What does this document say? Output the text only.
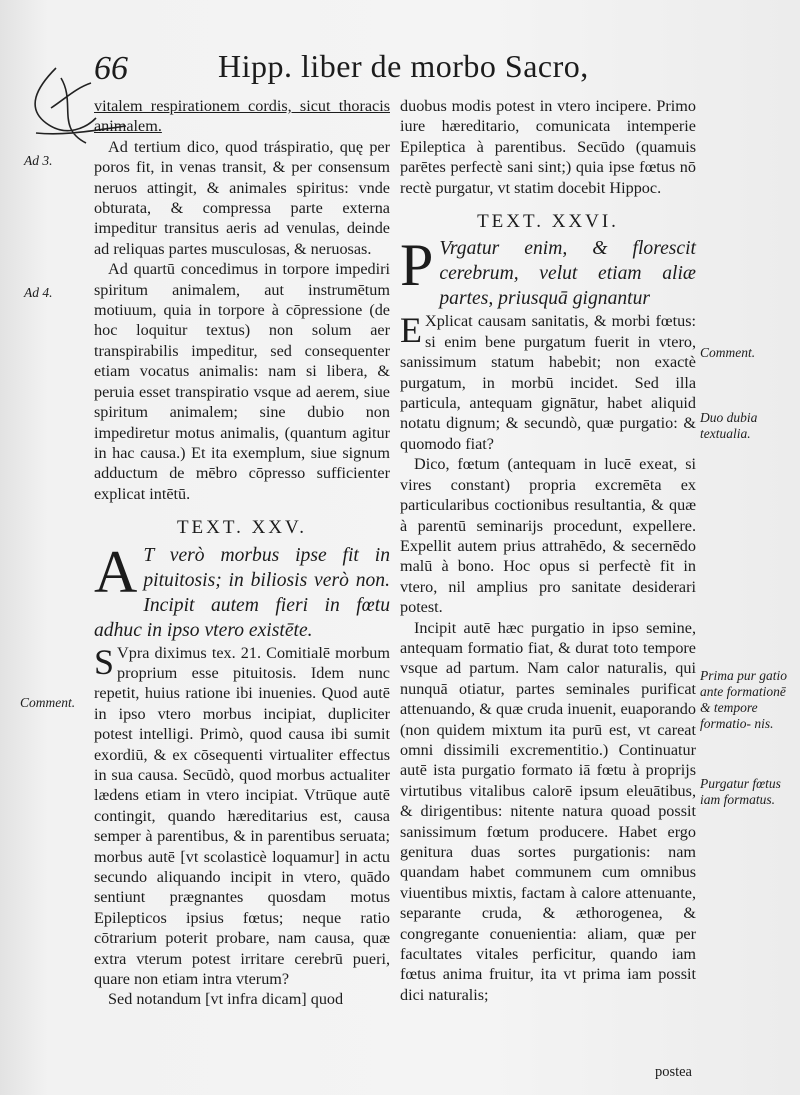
66	Hipp. liber de morbo Sacro,
Ad 3.
Ad 4.
Comment.
Comment.
Duo dubia textualia.
Prima pur gatio ante formationē & tempore formatio- nis.
Purgatur fœtus iam formatus.

vitalem respirationem cordis, sicut thoracis animalem.

Ad tertium dico, quod tráspiratio, quę per poros fit, in venas transit, & per consensum neruos attingit, & animales spiritus: vnde obturata, & compressa parte externa impeditur transitus aeris ad venulas, deinde ad reliquas partes musculosas, & neruosas.

Ad quartū concedimus in torpore impediri spiritum animalem, aut instrumētum motiuum, quia in torpore à cōpressione (de hoc loquitur textus) non solum aer transpirabilis impeditur, sed consequenter etiam vocatus animalis: nam si libera, & peruia esset transpiratio vsque ad aerem, siue spiritum animalem; sine dubio non impediretur motus animalis, (quantum agitur in hac causa.) Et ita exemplum, siue signum adductum de mēbro cōpresso sufficienter explicat intētū.

TEXT. XXV.

A T verò morbus ipse fit in pituitosis; in biliosis verò non. Incipit autem fieri in fœtu adhuc in ipso vtero existēte.

S Vpra diximus tex. 21. Comitialē morbum proprium esse pituitosis. Idem nunc repetit, huius ratione ibi inuenies. Quod autē in ipso vtero morbus incipiat, dupliciter potest intelligi. Primò, quod causa ibi sumit exordiū, & ex cōsequenti virtualiter effectus in sua causa. Secūdò, quod morbus actualiter lædens etiam in vtero incipiat. Vtrūque autē contingit, quando hæreditarius est, causa semper à parentibus, & in parentibus seruata; morbus autē [vt scolasticè loquamur] in actu secundo aliquando incipit in vtero, quādo sentiunt prægnantes quosdam motus Epilepticos ipsius fœtus; neque ratio cōtrarium poterit probare, nam causa, quæ extra vterum potest irritare cerebrū pueri, quare non etiam intra vterum?

Sed notandum [vt infra dicam] quod

duobus modis potest in vtero incipere. Primo iure hæreditario, comunicata intemperie Epileptica à parentibus. Secūdo (quamuis parētes perfectè sani sint;) quia ipse fœtus nō rectè purgatur, vt statim docebit Hippoc.

TEXT. XXVI.

P Vrgatur enim, & florescit cerebrum, velut etiam aliæ partes, priusquā gignantur

E Xplicat causam sanitatis, & morbi fœtus: si enim bene purgatum fuerit in vtero, sanissimum statum habebit; non exactè purgatum, in morbū incidet. Sed illa particula, antequam gignātur, habet aliquid notatu dignum; & secundò, quæ purgatio: & quomodo fiat?

Dico, fœtum (antequam in lucē exeat, si vires constant) propria excremēta ex particularibus coctionibus resultantia, & quæ à parentū seminarijs procedunt, expellere. Expellit autem prius attrahēdo, & secernēdo malū à bono. Hoc opus si perfectè fit in vtero, nil amplius pro sanitate desiderari potest.

Incipit autē hæc purgatio in ipso semine, antequam formatio fiat, & durat toto tempore vsque ad partum. Nam calor naturalis, qui nunquā otiatur, partes seminales purificat attenuando, & quæ cruda inuenit, euaporando (non quidem mixtum ita purū est, vt careat omni dissimili excrementitio.) Continuatur autē ista purgatio formato iā fœtu à proprijs virtutibus vitalibus calorē ipsum eleuātibus, & dirigentibus: nitente natura quoad possit sanissimum fœtum producere. Habet ergo genitura duas sortes purgationis: nam quandam habet communem cum omnibus viuentibus mixtis, factam à calore attenuante, separante cruda, & æthorogenea, & congregante conuenientia: aliam, quæ per facultates vitales perficitur, quando iam fœtus anima fruitur, ita vt prima iam possit dici naturalis;

postea
